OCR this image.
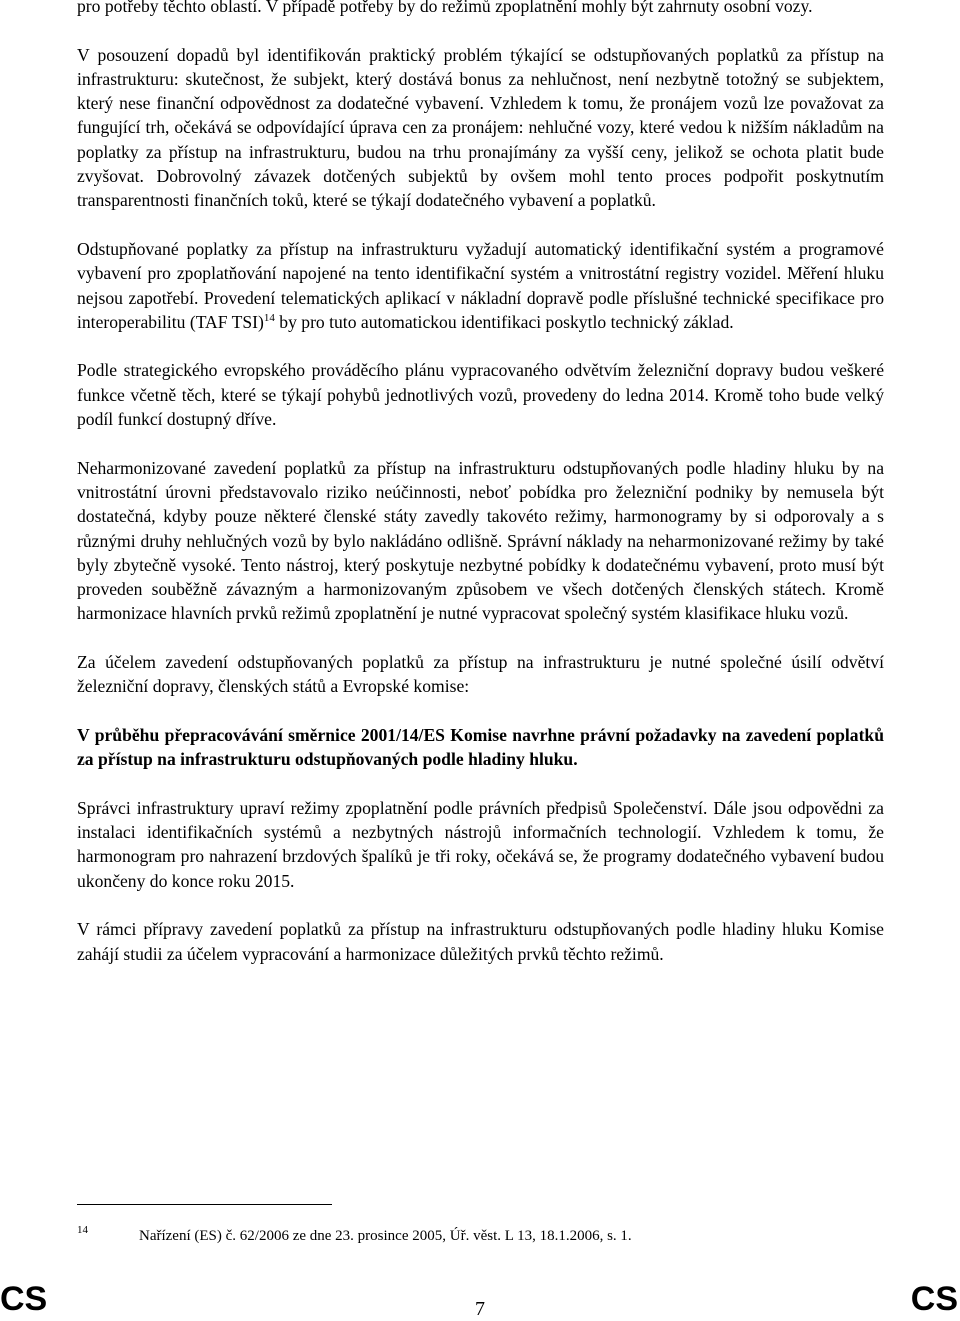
pro potřeby těchto oblastí. V případě potřeby by do režimů zpoplatnění mohly být zahrnuty osobní vozy.

V posouzení dopadů byl identifikován praktický problém týkající se odstupňovaných poplatků za přístup na infrastrukturu: skutečnost, že subjekt, který dostává bonus za nehlučnost, není nezbytně totožný se subjektem, který nese finanční odpovědnost za dodatečné vybavení. Vzhledem k tomu, že pronájem vozů lze považovat za fungující trh, očekává se odpovídající úprava cen za pronájem: nehlučné vozy, které vedou k nižším nákladům na poplatky za přístup na infrastrukturu, budou na trhu pronajímány za vyšší ceny, jelikož se ochota platit bude zvyšovat. Dobrovolný závazek dotčených subjektů by ovšem mohl tento proces podpořit poskytnutím transparentnosti finančních toků, které se týkají dodatečného vybavení a poplatků.

Odstupňované poplatky za přístup na infrastrukturu vyžadují automatický identifikační systém a programové vybavení pro zpoplatňování napojené na tento identifikační systém a vnitrostátní registry vozidel. Měření hluku nejsou zapotřebí. Provedení telematických aplikací v nákladní dopravě podle příslušné technické specifikace pro interoperabilitu (TAF TSI)$^{14}$ by pro tuto automatickou identifikaci poskytlo technický základ.

Podle strategického evropského prováděcího plánu vypracovaného odvětvím železniční dopravy budou veškeré funkce včetně těch, které se týkají pohybů jednotlivých vozů, provedeny do ledna 2014. Kromě toho bude velký podíl funkcí dostupný dříve.

Neharmonizované zavedení poplatků za přístup na infrastrukturu odstupňovaných podle hladiny hluku by na vnitrostátní úrovni představovalo riziko neúčinnosti, neboť pobídka pro železniční podniky by nemusela být dostatečná, kdyby pouze některé členské státy zavedly takovéto režimy, harmonogramy by si odporovaly a s různými druhy nehlučných vozů by bylo nakládáno odlišně. Správní náklady na neharmonizované režimy by také byly zbytečně vysoké. Tento nástroj, který poskytuje nezbytné pobídky k dodatečnému vybavení, proto musí být proveden souběžně závazným a harmonizovaným způsobem ve všech dotčených členských státech. Kromě harmonizace hlavních prvků režimů zpoplatnění je nutné vypracovat společný systém klasifikace hluku vozů.

Za účelem zavedení odstupňovaných poplatků za přístup na infrastrukturu je nutné společné úsilí odvětví železniční dopravy, členských států a Evropské komise:

V průběhu přepracovávání směrnice 2001/14/ES Komise navrhne právní požadavky na zavedení poplatků za přístup na infrastrukturu odstupňovaných podle hladiny hluku.

Správci infrastruktury upraví režimy zpoplatnění podle právních předpisů Společenství. Dále jsou odpovědni za instalaci identifikačních systémů a nezbytných nástrojů informačních technologií. Vzhledem k tomu, že harmonogram pro nahrazení brzdových špalíků je tři roky, očekává se, že programy dodatečného vybavení budou ukončeny do konce roku 2015.

V rámci přípravy zavedení poplatků za přístup na infrastrukturu odstupňovaných podle hladiny hluku Komise zahájí studii za účelem vypracování a harmonizace důležitých prvků těchto režimů.

14	Nařízení (ES) č. 62/2006 ze dne 23. prosince 2005, Úř. věst. L 13, 18.1.2006, s. 1.
CS	7	CS
